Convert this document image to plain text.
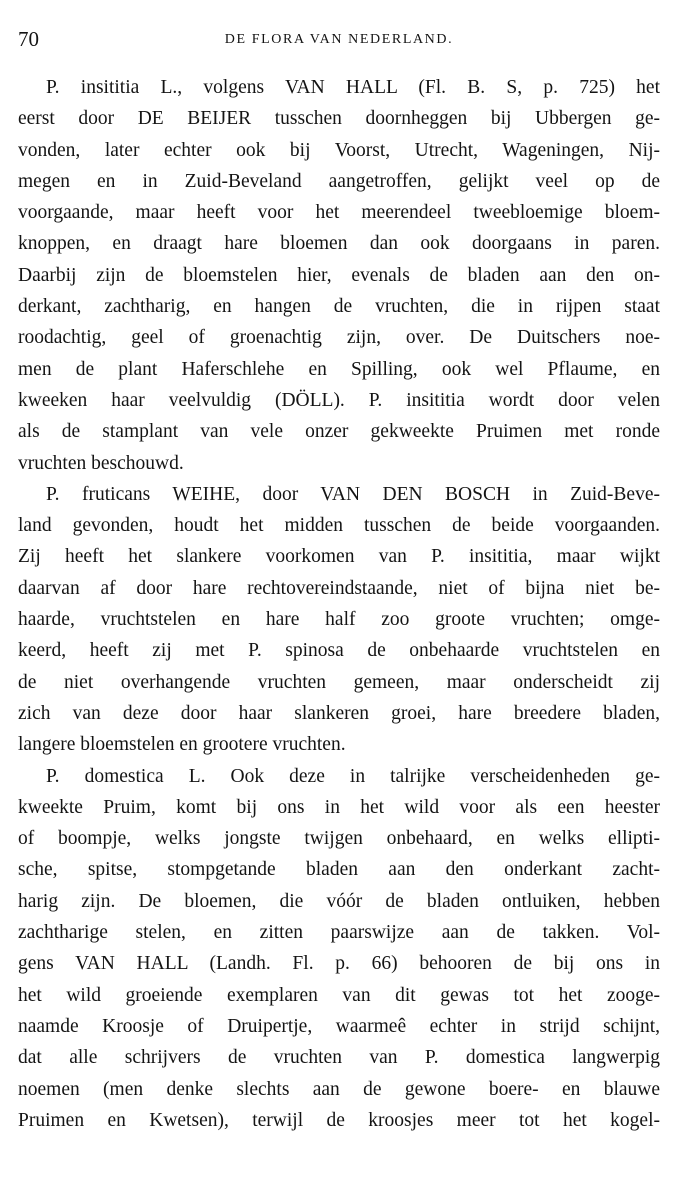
70	DE FLORA VAN NEDERLAND.
P. insititia L., volgens VAN HALL (Fl. B. S, p. 725) het
eerst door DE BEIJER tusschen doornheggen bij Ubbergen ge-
vonden, later echter ook bij Voorst, Utrecht, Wageningen, Nij-
megen en in Zuid-Beveland aangetroffen, gelijkt veel op de
voorgaande, maar heeft voor het meerendeel tweebloemige bloem-
knoppen, en draagt hare bloemen dan ook doorgaans in paren.
Daarbij zijn de bloemstelen hier, evenals de bladen aan den on-
derkant, zachtharig, en hangen de vruchten, die in rijpen staat
roodachtig, geel of groenachtig zijn, over. De Duitschers noe-
men de plant Haferschlehe en Spilling, ook wel Pflaume, en
kweeken haar veelvuldig (DÖLL). P. insititia wordt door velen
als de stamplant van vele onzer gekweekte Pruimen met ronde
vruchten beschouwd.
P. fruticans WEIHE, door VAN DEN BOSCH in Zuid-Beve-
land gevonden, houdt het midden tusschen de beide voorgaanden.
Zij heeft het slankere voorkomen van P. insititia, maar wijkt
daarvan af door hare rechtovereindstaande, niet of bijna niet be-
haarde, vruchtstelen en hare half zoo groote vruchten; omge-
keerd, heeft zij met P. spinosa de onbehaarde vruchtstelen en
de niet overhangende vruchten gemeen, maar onderscheidt zij
zich van deze door haar slankeren groei, hare breedere bladen,
langere bloemstelen en grootere vruchten.
P. domestica L. Ook deze in talrijke verscheidenheden ge-
kweekte Pruim, komt bij ons in het wild voor als een heester
of boompje, welks jongste twijgen onbehaard, en welks ellipti-
sche, spitse, stompgetande bladen aan den onderkant zacht-
harig zijn. De bloemen, die vóór de bladen ontluiken, hebben
zachtharige stelen, en zitten paarswijze aan de takken. Vol-
gens VAN HALL (Landh. Fl. p. 66) behooren de bij ons in
het wild groeiende exemplaren van dit gewas tot het zooge-
naamde Kroosje of Druipertje, waarmeê echter in strijd schijnt,
dat alle schrijvers de vruchten van P. domestica langwerpig
noemen (men denke slechts aan de gewone boere- en blauwe
Pruimen en Kwetsen), terwijl de kroosjes meer tot het kogel-
